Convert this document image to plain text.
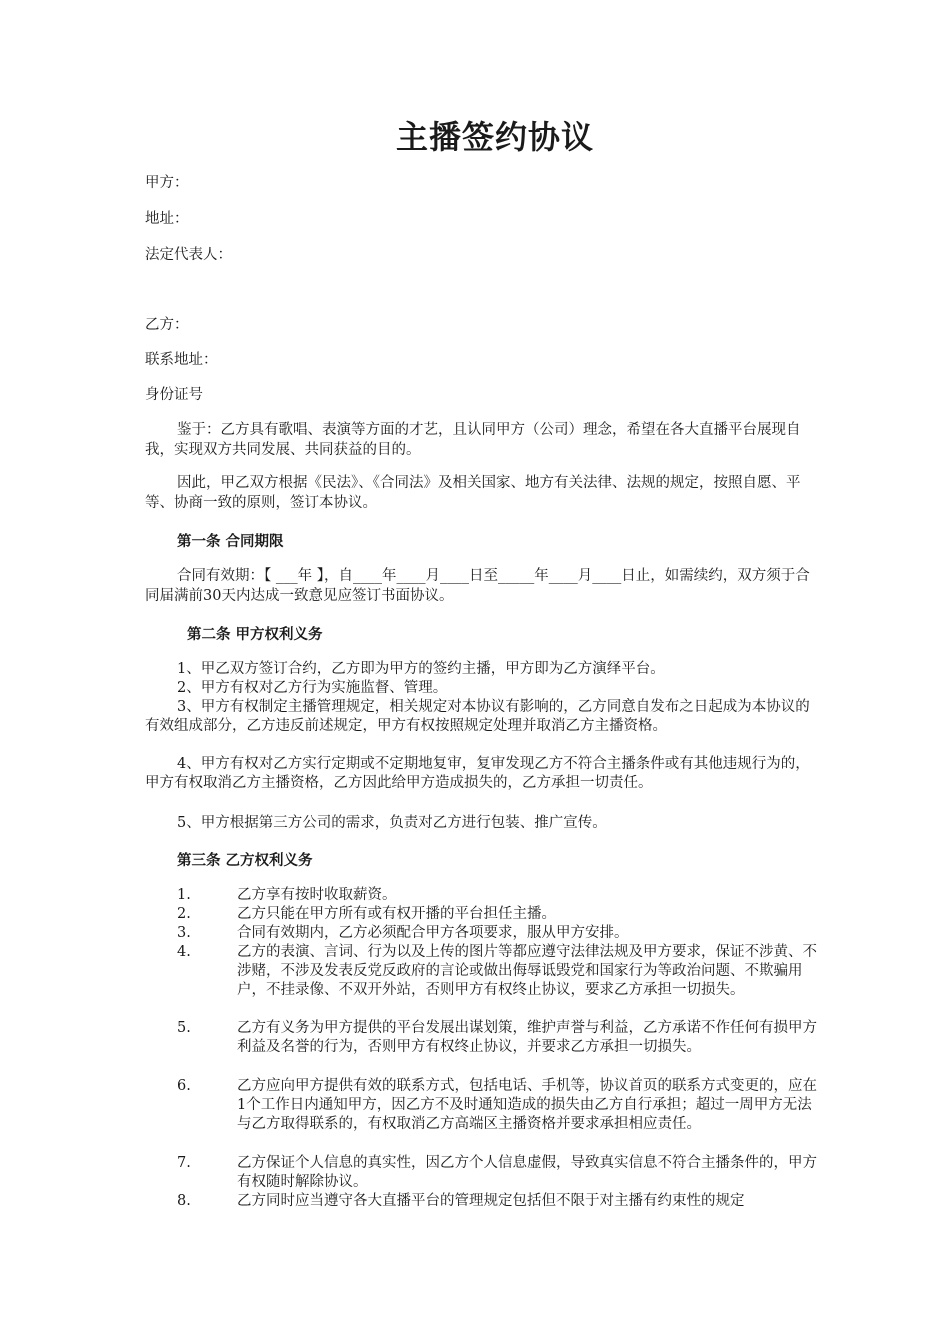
主播签约协议

甲方：

地址：

法定代表人：

乙方：

联系地址：

身份证号

鉴于：乙方具有歌唱、表演等方面的才艺，且认同甲方（公司）理念，希望在各大直播平台展现自我，实现双方共同发展、共同获益的目的。

因此，甲乙双方根据《民法》、《合同法》及相关国家、地方有关法律、法规的规定，按照自愿、平等、协商一致的原则，签订本协议。

第一条 合同期限

合同有效期：【 ___年 】，自____年____月____日至_____年____月____日止，如需续约，双方须于合同届满前30天内达成一致意见应签订书面协议。

第二条 甲方权利义务

1、甲乙双方签订合约，乙方即为甲方的签约主播，甲方即为乙方演绎平台。

2、甲方有权对乙方行为实施监督、管理。

3、甲方有权制定主播管理规定，相关规定对本协议有影响的，乙方同意自发布之日起成为本协议的有效组成部分，乙方违反前述规定，甲方有权按照规定处理并取消乙方主播资格。

4、甲方有权对乙方实行定期或不定期地复审，复审发现乙方不符合主播条件或有其他违规行为的，甲方有权取消乙方主播资格，乙方因此给甲方造成损失的，乙方承担一切责任。

5、甲方根据第三方公司的需求，负责对乙方进行包装、推广宣传。

第三条 乙方权利义务

1.	乙方享有按时收取薪资。
2.	乙方只能在甲方所有或有权开播的平台担任主播。
3.	合同有效期内，乙方必须配合甲方各项要求，服从甲方安排。
4.	乙方的表演、言词、行为以及上传的图片等都应遵守法律法规及甲方要求，保证不涉黄、不涉赌，不涉及发表反党反政府的言论或做出侮辱诋毁党和国家行为等政治问题、不欺骗用户，不挂录像、不双开外站，否则甲方有权终止协议，要求乙方承担一切损失。
5.	乙方有义务为甲方提供的平台发展出谋划策，维护声誉与利益，乙方承诺不作任何有损甲方利益及名誉的行为，否则甲方有权终止协议，并要求乙方承担一切损失。
6.	乙方应向甲方提供有效的联系方式，包括电话、手机等，协议首页的联系方式变更的，应在1个工作日内通知甲方，因乙方不及时通知造成的损失由乙方自行承担；超过一周甲方无法与乙方取得联系的，有权取消乙方高端区主播资格并要求承担相应责任。
7.	乙方保证个人信息的真实性，因乙方个人信息虚假，导致真实信息不符合主播条件的，甲方有权随时解除协议。
8.	乙方同时应当遵守各大直播平台的管理规定包括但不限于对主播有约束性的规定
